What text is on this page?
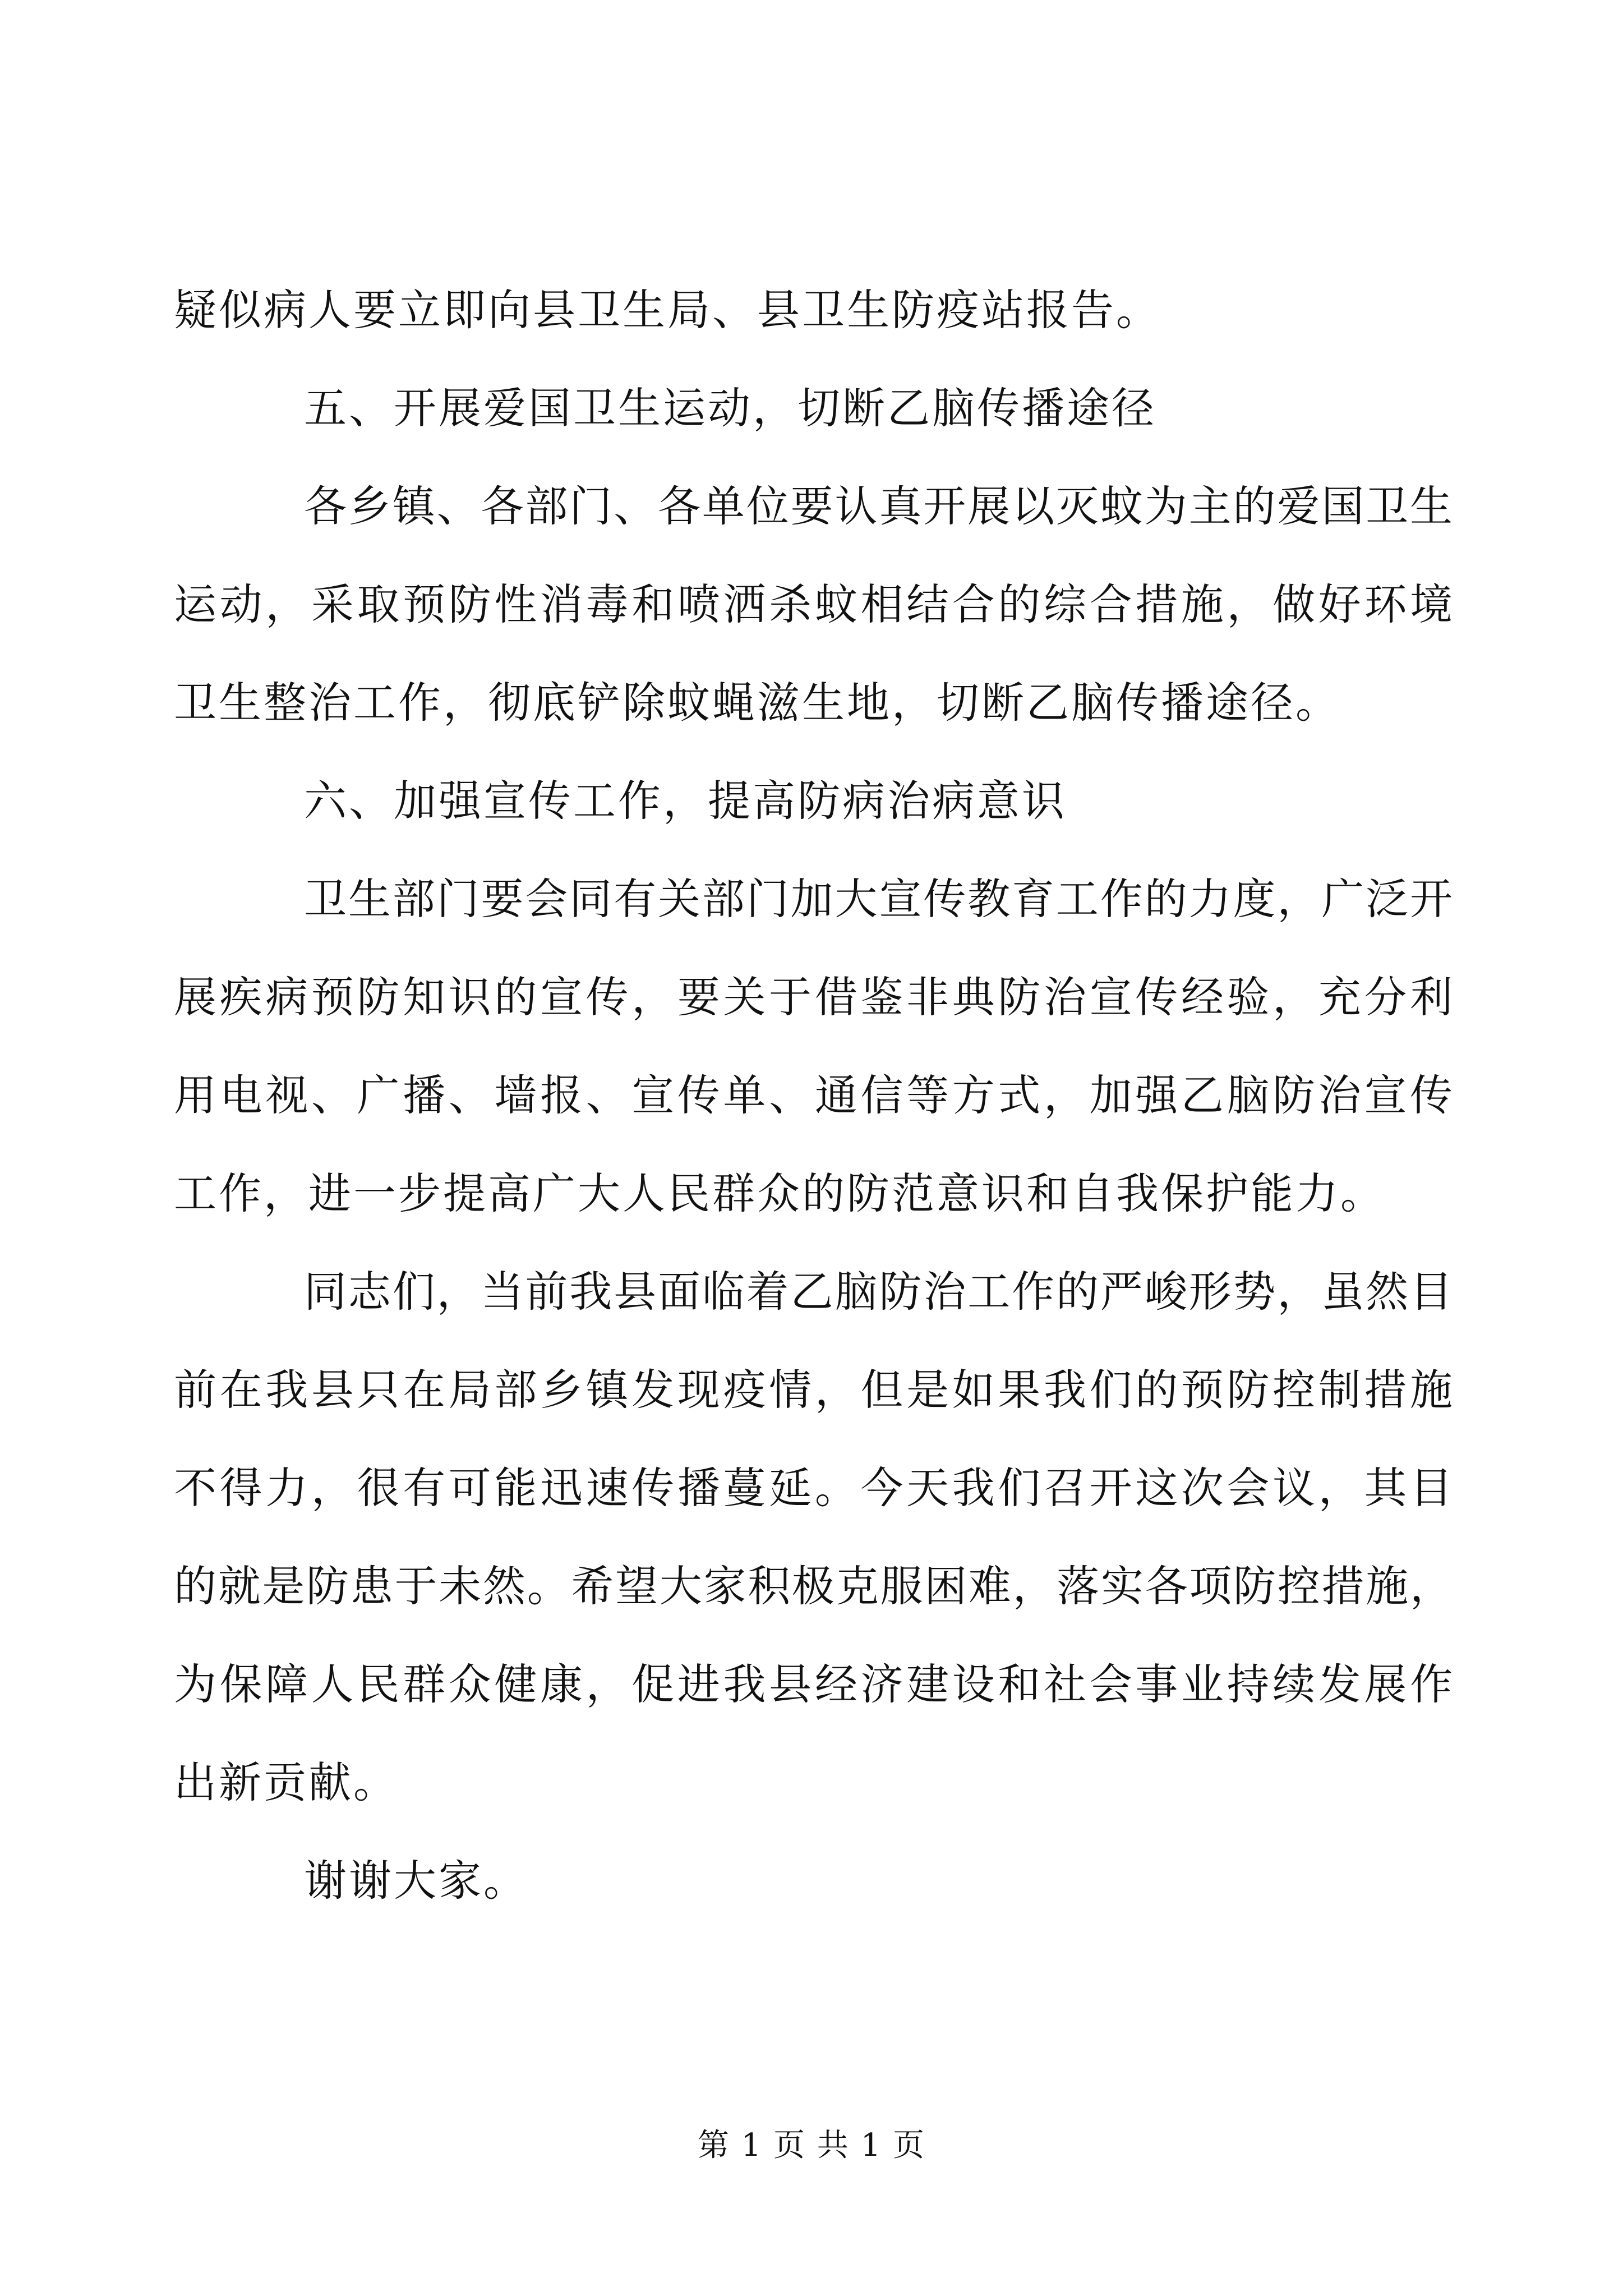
疑似病人要立即向县卫生局、县卫生防疫站报告。
五、开展爱国卫生运动，切断乙脑传播途径
各乡镇、各部门、各单位要认真开展以灭蚊为主的爱国卫生
运动，采取预防性消毒和喷洒杀蚊相结合的综合措施，做好环境
卫生整治工作，彻底铲除蚊蝇滋生地，切断乙脑传播途径。
六、加强宣传工作，提高防病治病意识
卫生部门要会同有关部门加大宣传教育工作的力度，广泛开
展疾病预防知识的宣传，要关于借鉴非典防治宣传经验，充分利
用电视、广播、墙报、宣传单、通信等方式，加强乙脑防治宣传
工作，进一步提高广大人民群众的防范意识和自我保护能力。
同志们，当前我县面临着乙脑防治工作的严峻形势，虽然目
前在我县只在局部乡镇发现疫情，但是如果我们的预防控制措施
不得力，很有可能迅速传播蔓延。今天我们召开这次会议，其目
的就是防患于未然。希望大家积极克服困难，落实各项防控措施，
为保障人民群众健康，促进我县经济建设和社会事业持续发展作
出新贡献。
谢谢大家。
第 1 页 共 1 页
